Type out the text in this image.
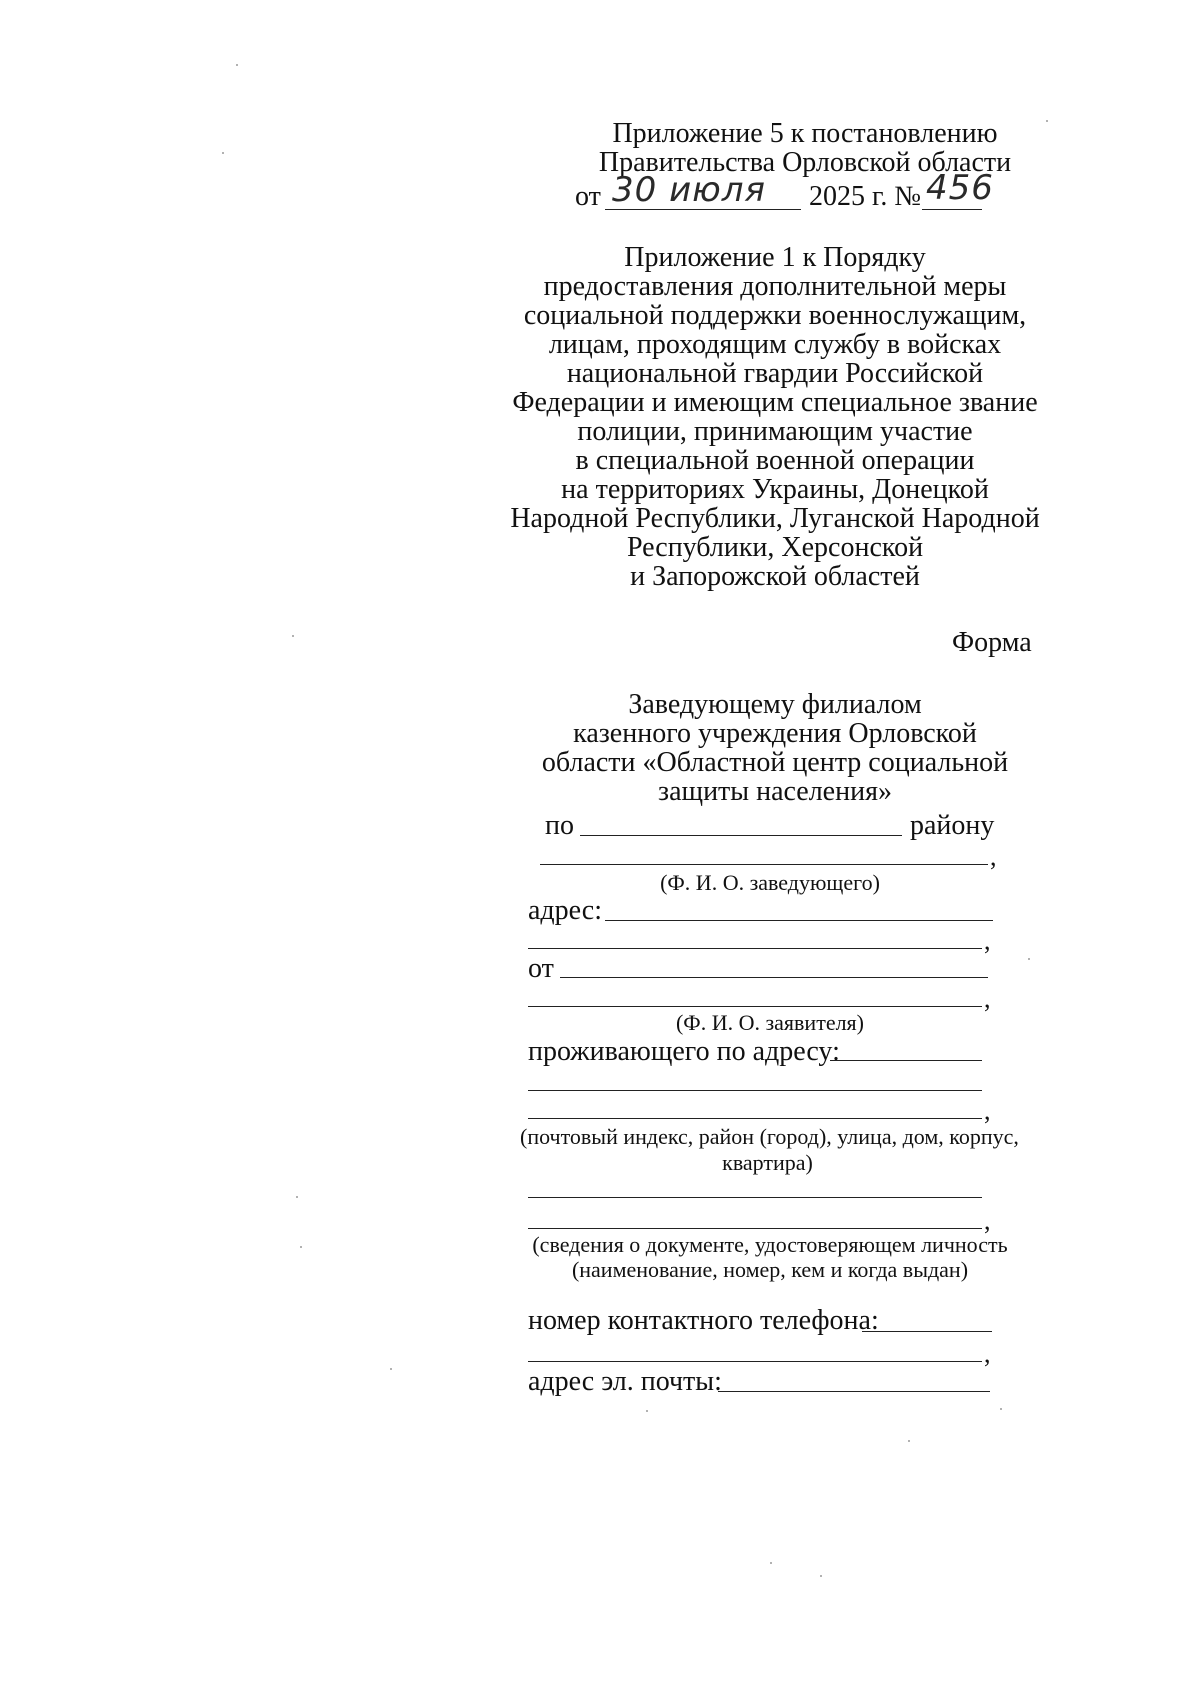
Приложение 5 к постановлению
Правительства Орловской области
от 30 июля 2025 г. № 456
Приложение 1 к Порядку
предоставления дополнительной меры
социальной поддержки военнослужащим,
лицам, проходящим службу в войсках
национальной гвардии Российской
Федерации и имеющим специальное звание
полиции, принимающим участие
в специальной военной операции
на территориях Украины, Донецкой
Народной Республики, Луганской Народной
Республики, Херсонской
и Запорожской областей
Форма
Заведующему филиалом
казенного учреждения Орловской
области «Областной центр социальной
защиты населения»
по	району
,
(Ф. И. О. заведующего)
адрес:
,
от
,
(Ф. И. О. заявителя)
проживающего по адресу:
,
(почтовый индекс, район (город), улица, дом, корпус,
квартира)
,
(сведения о документе, удостоверяющем личность
(наименование, номер, кем и когда выдан)
номер контактного телефона:
,
адрес эл. почты:
